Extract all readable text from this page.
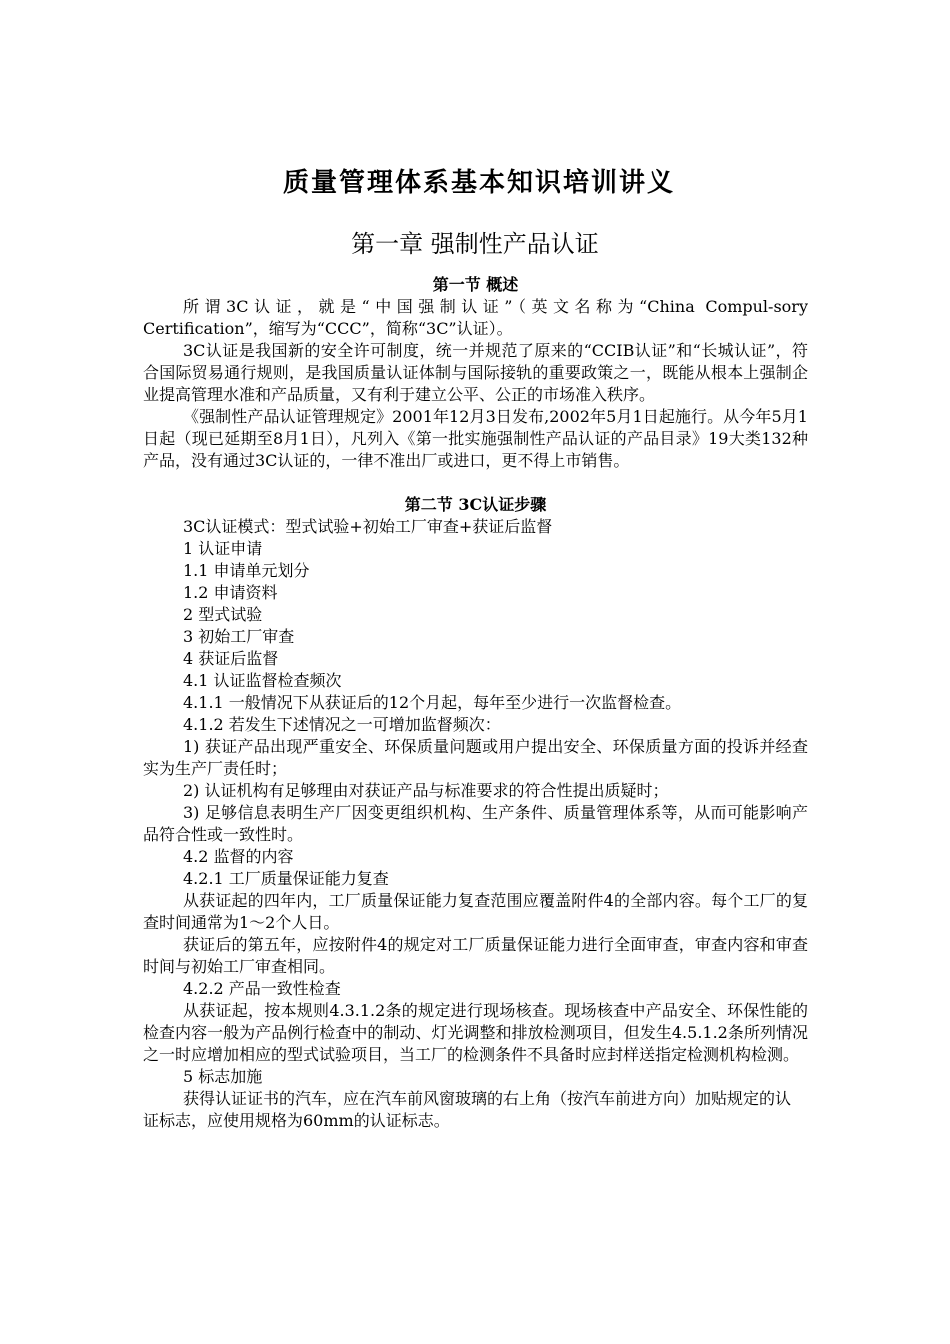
质量管理体系基本知识培训讲义
第一章 强制性产品认证

第一节 概述

所谓3C认证，就是“中国强制认证”（英文名称为“China Compul-sory Certification”，缩写为“CCC”，简称“3C”认证）。

3C认证是我国新的安全许可制度，统一并规范了原来的“CCIB认证”和“长城认证”，符合国际贸易通行规则，是我国质量认证体制与国际接轨的重要政策之一，既能从根本上强制企业提高管理水准和产品质量，又有利于建立公平、公正的市场准入秩序。

《强制性产品认证管理规定》2001年12月3日发布,2002年5月1日起施行。从今年5月1日起（现已延期至8月1日），凡列入《第一批实施强制性产品认证的产品目录》19大类132种产品，没有通过3C认证的，一律不准出厂或进口，更不得上市销售。

第二节 3C认证步骤

3C认证模式：型式试验+初始工厂审查+获证后监督

1 认证申请

1.1 申请单元划分

1.2 申请资料

2 型式试验

3 初始工厂审查

4 获证后监督

4.1 认证监督检查频次

4.1.1 一般情况下从获证后的12个月起，每年至少进行一次监督检查。

4.1.2 若发生下述情况之一可增加监督频次：

1) 获证产品出现严重安全、环保质量问题或用户提出安全、环保质量方面的投诉并经查实为生产厂责任时；

2) 认证机构有足够理由对获证产品与标准要求的符合性提出质疑时；

3) 足够信息表明生产厂因变更组织机构、生产条件、质量管理体系等，从而可能影响产品符合性或一致性时。

4.2 监督的内容

4.2.1 工厂质量保证能力复查

从获证起的四年内，工厂质量保证能力复查范围应覆盖附件4的全部内容。每个工厂的复查时间通常为1～2个人日。

获证后的第五年，应按附件4的规定对工厂质量保证能力进行全面审查，审查内容和审查时间与初始工厂审查相同。

4.2.2 产品一致性检查

从获证起，按本规则4.3.1.2条的规定进行现场核查。现场核查中产品安全、环保性能的检查内容一般为产品例行检查中的制动、灯光调整和排放检测项目，但发生4.5.1.2条所列情况之一时应增加相应的型式试验项目，当工厂的检测条件不具备时应封样送指定检测机构检测。

5 标志加施

获得认证证书的汽车，应在汽车前风窗玻璃的右上角（按汽车前进方向）加贴规定的认

证标志，应使用规格为60mm的认证标志。
